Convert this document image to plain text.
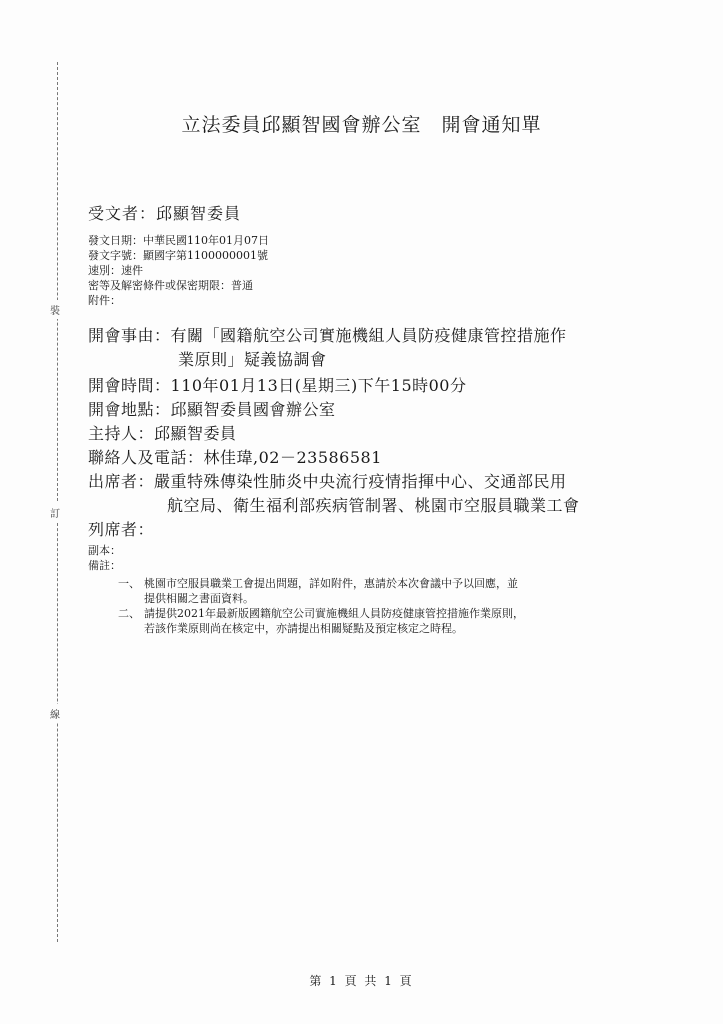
裝
訂
線
立法委員邱顯智國會辦公室　開會通知單
受文者：邱顯智委員
發文日期：中華民國110年01月07日
發文字號：顯國字第1100000001號
速別：速件
密等及解密條件或保密期限：普通
附件：
開會事由： 有關「國籍航空公司實施機組人員防疫健康管控措施作
業原則」疑義協調會
開會時間： 110年01月13日(星期三)下午15時00分
開會地點： 邱顯智委員國會辦公室
主持人： 邱顯智委員
聯絡人及電話： 林佳瑋,02－23586581
出席者： 嚴重特殊傳染性肺炎中央流行疫情指揮中心、交通部民用
航空局、衛生福利部疾病管制署、桃園市空服員職業工會
列席者：
副本：
備註：
一、 桃園市空服員職業工會提出問題，詳如附件，惠請於本次會議中予以回應，並
提供相關之書面資料。
二、 請提供2021年最新版國籍航空公司實施機組人員防疫健康管控措施作業原則，
若該作業原則尚在核定中，亦請提出相關疑點及預定核定之時程。
第 1 頁 共 1 頁
